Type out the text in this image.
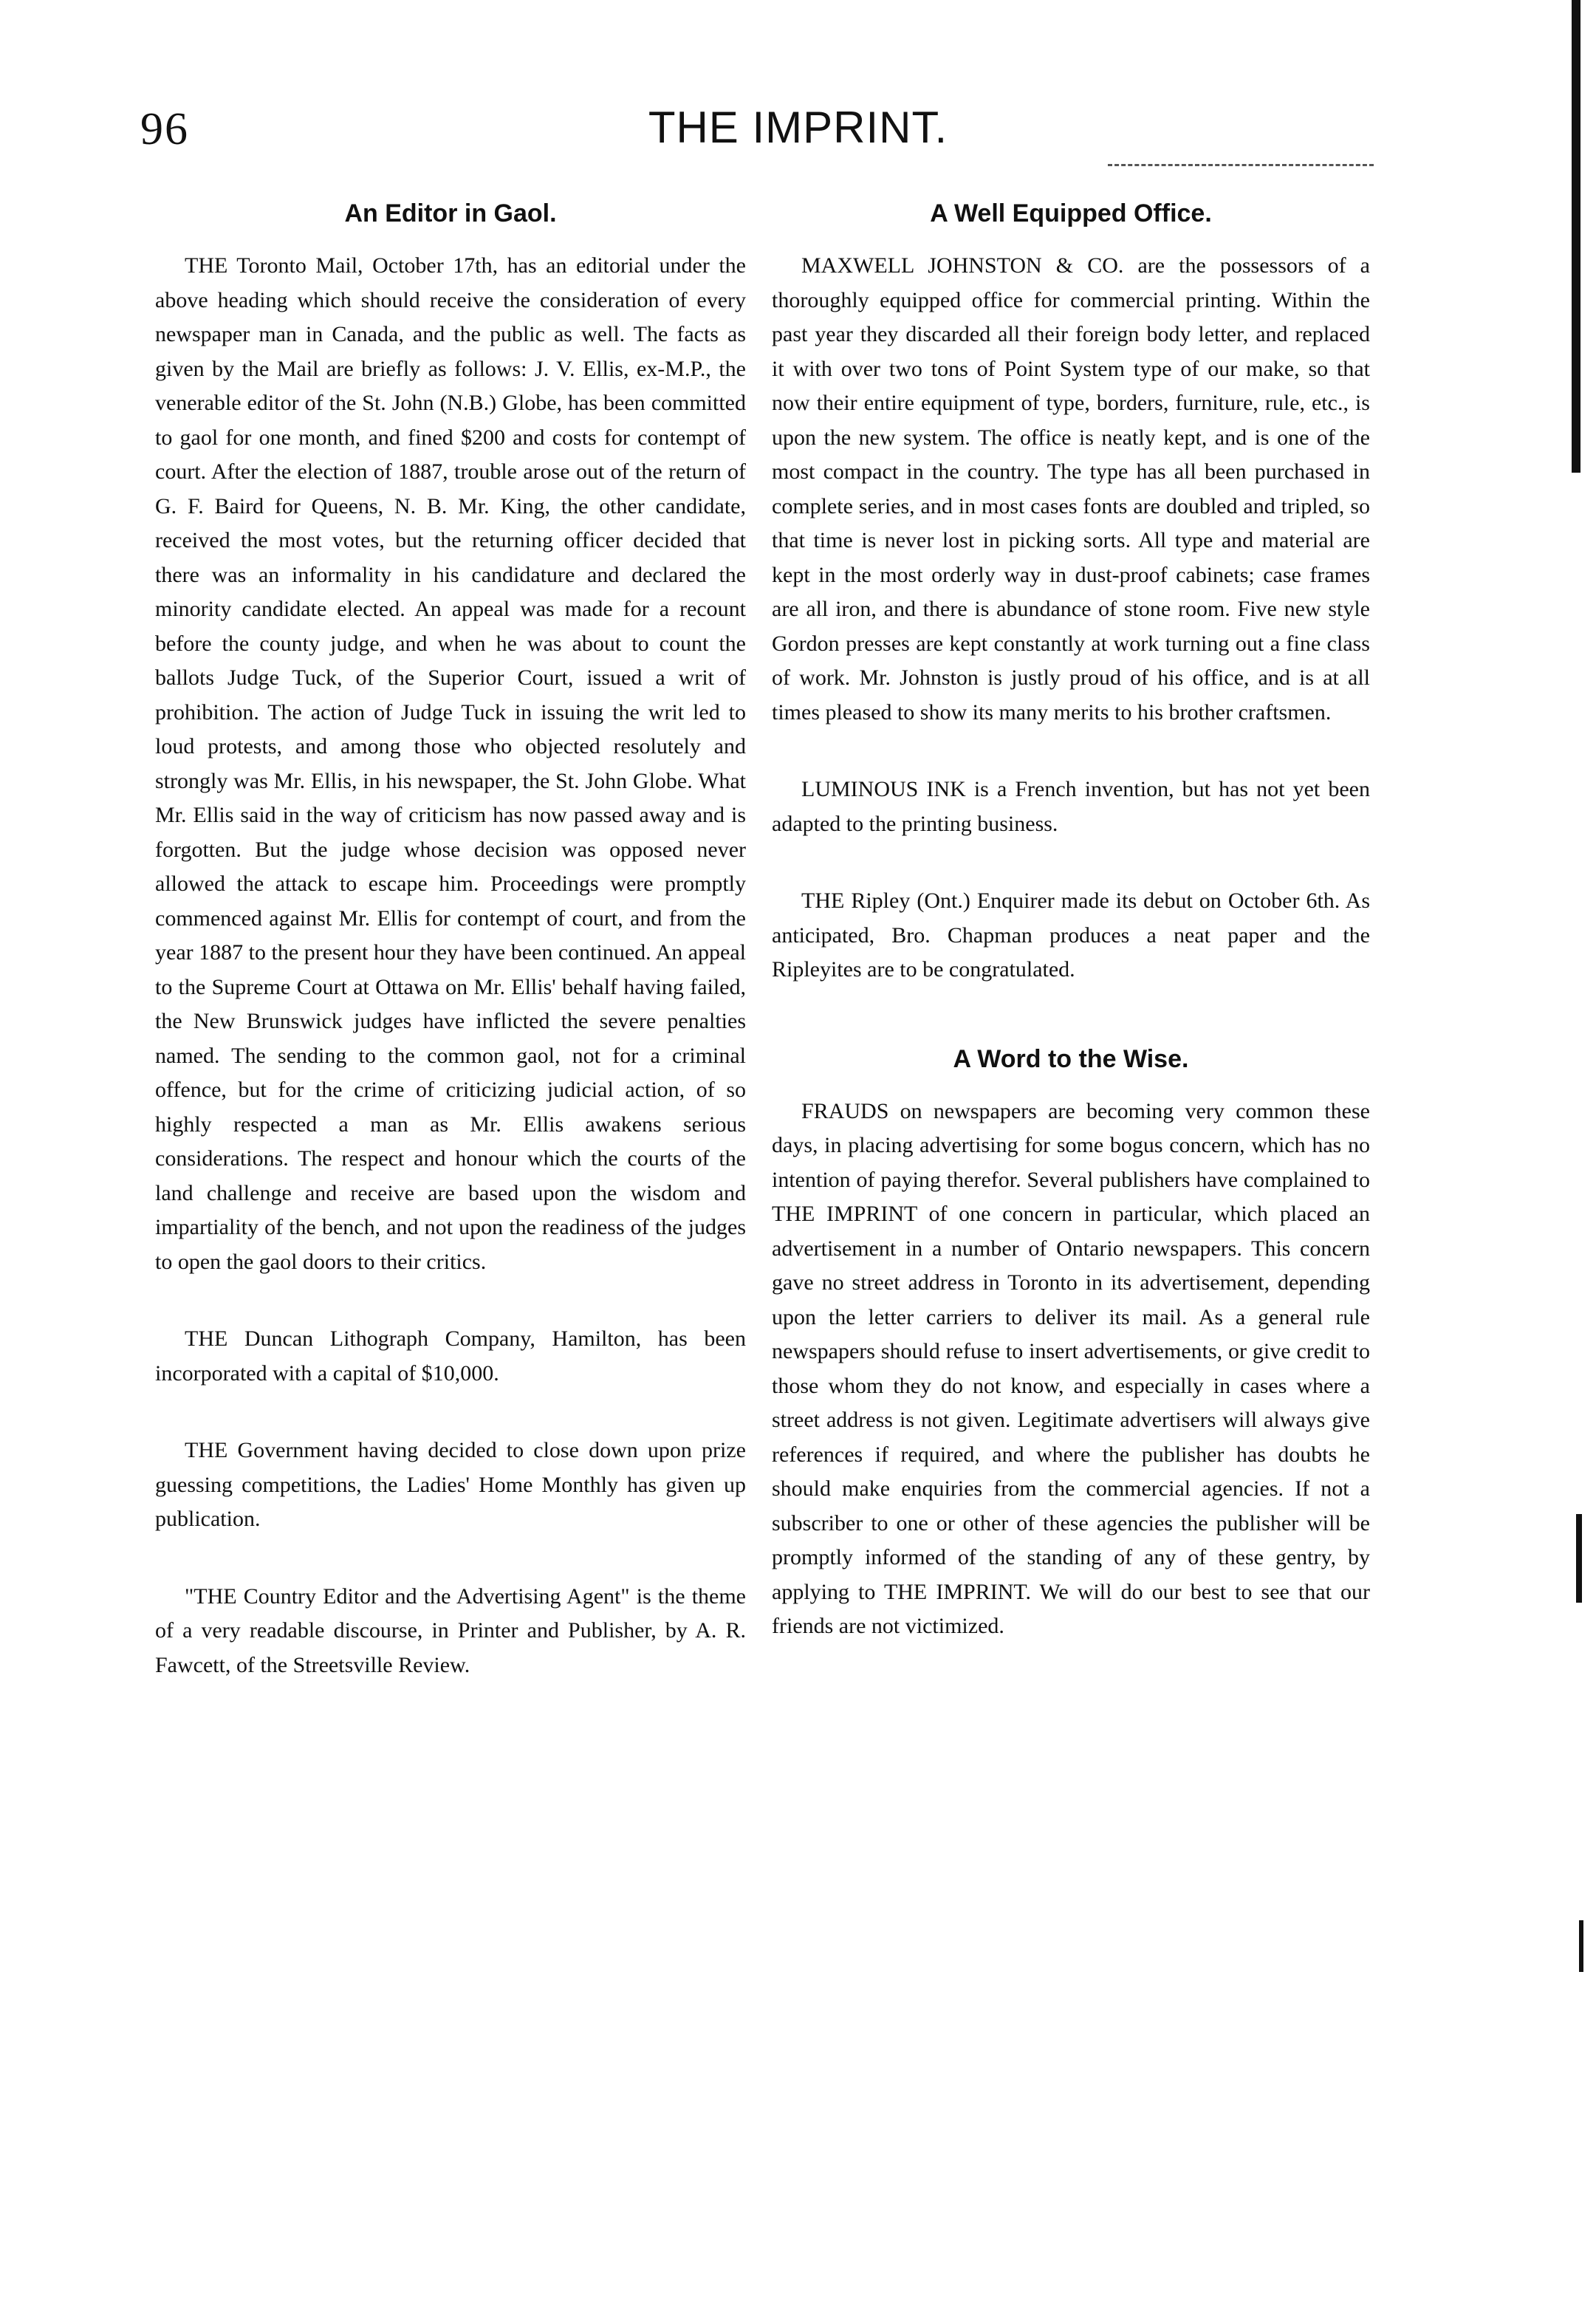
96	THE IMPRINT.
An Editor in Gaol.

THE Toronto Mail, October 17th, has an editorial under the above heading which should receive the consideration of every newspaper man in Canada, and the public as well. The facts as given by the Mail are briefly as follows: J. V. Ellis, ex-M.P., the venerable editor of the St. John (N.B.) Globe, has been committed to gaol for one month, and fined $200 and costs for contempt of court. After the election of 1887, trouble arose out of the return of G. F. Baird for Queens, N. B. Mr. King, the other candidate, received the most votes, but the returning officer decided that there was an informality in his candidature and declared the minority candidate elected. An appeal was made for a recount before the county judge, and when he was about to count the ballots Judge Tuck, of the Superior Court, issued a writ of prohibition. The action of Judge Tuck in issuing the writ led to loud protests, and among those who objected resolutely and strongly was Mr. Ellis, in his newspaper, the St. John Globe. What Mr. Ellis said in the way of criticism has now passed away and is forgotten. But the judge whose decision was opposed never allowed the attack to escape him. Proceedings were promptly commenced against Mr. Ellis for contempt of court, and from the year 1887 to the present hour they have been continued. An appeal to the Supreme Court at Ottawa on Mr. Ellis' behalf having failed, the New Brunswick judges have inflicted the severe penalties named. The sending to the common gaol, not for a criminal offence, but for the crime of criticizing judicial action, of so highly respected a man as Mr. Ellis awakens serious considerations. The respect and honour which the courts of the land challenge and receive are based upon the wisdom and impartiality of the bench, and not upon the readiness of the judges to open the gaol doors to their critics.

THE Duncan Lithograph Company, Hamilton, has been incorporated with a capital of $10,000.

THE Government having decided to close down upon prize guessing competitions, the Ladies' Home Monthly has given up publication.

"THE Country Editor and the Advertising Agent" is the theme of a very readable discourse, in Printer and Publisher, by A. R. Fawcett, of the Streetsville Review.

A Well Equipped Office.

MAXWELL JOHNSTON & CO. are the possessors of a thoroughly equipped office for commercial printing. Within the past year they discarded all their foreign body letter, and replaced it with over two tons of Point System type of our make, so that now their entire equipment of type, borders, furniture, rule, etc., is upon the new system. The office is neatly kept, and is one of the most compact in the country. The type has all been purchased in complete series, and in most cases fonts are doubled and tripled, so that time is never lost in picking sorts. All type and material are kept in the most orderly way in dust-proof cabinets; case frames are all iron, and there is abundance of stone room. Five new style Gordon presses are kept constantly at work turning out a fine class of work. Mr. Johnston is justly proud of his office, and is at all times pleased to show its many merits to his brother craftsmen.

LUMINOUS INK is a French invention, but has not yet been adapted to the printing business.

THE Ripley (Ont.) Enquirer made its debut on October 6th. As anticipated, Bro. Chapman produces a neat paper and the Ripleyites are to be congratulated.

A Word to the Wise.

FRAUDS on newspapers are becoming very common these days, in placing advertising for some bogus concern, which has no intention of paying therefor. Several publishers have complained to THE IMPRINT of one concern in particular, which placed an advertisement in a number of Ontario newspapers. This concern gave no street address in Toronto in its advertisement, depending upon the letter carriers to deliver its mail. As a general rule newspapers should refuse to insert advertisements, or give credit to those whom they do not know, and especially in cases where a street address is not given. Legitimate advertisers will always give references if required, and where the publisher has doubts he should make enquiries from the commercial agencies. If not a subscriber to one or other of these agencies the publisher will be promptly informed of the standing of any of these gentry, by applying to THE IMPRINT. We will do our best to see that our friends are not victimized.
